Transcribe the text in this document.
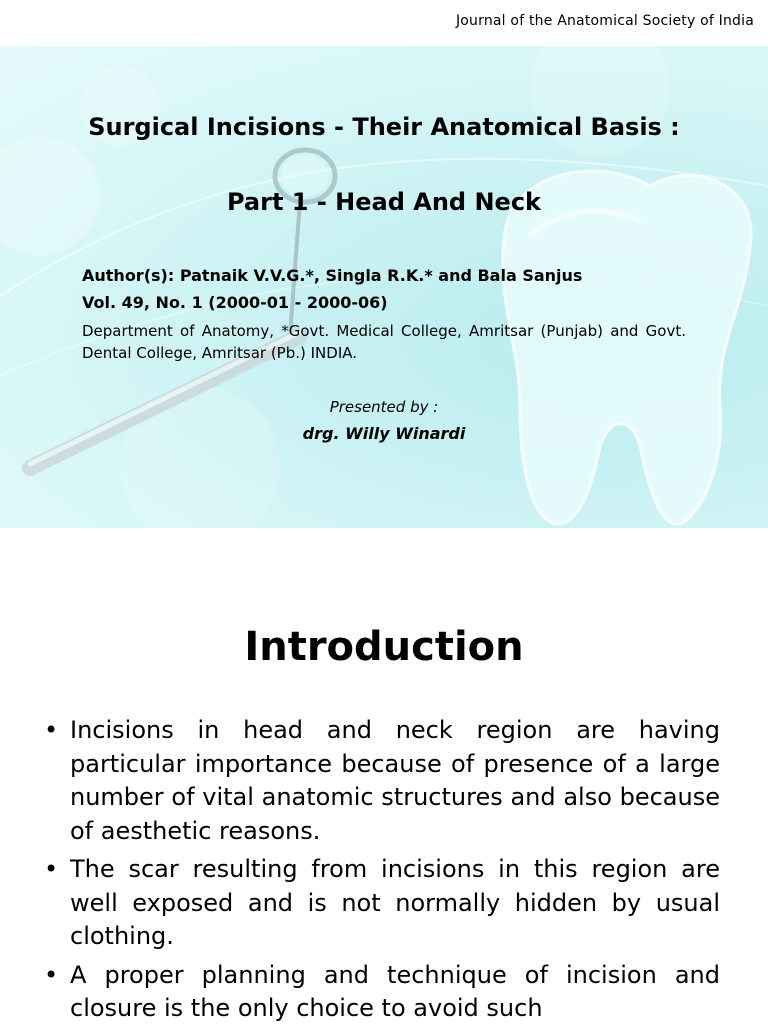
Journal of the Anatomical Society of India
Surgical Incisions - Their Anatomical Basis :
Part 1 - Head And Neck
Author(s): Patnaik V.V.G.*, Singla R.K.* and Bala Sanjus
Vol. 49, No. 1 (2000-01 - 2000-06)
Department of Anatomy, *Govt. Medical College, Amritsar (Punjab) and Govt. Dental College, Amritsar (Pb.) INDIA.
Presented by :
drg. Willy Winardi
Introduction
• Incisions in head and neck region are having particular importance because of presence of a large number of vital anatomic structures and also because of aesthetic reasons.
• The scar resulting from incisions in this region are well exposed and is not normally hidden by usual clothing.
• A proper planning and technique of incision and closure is the only choice to avoid such
